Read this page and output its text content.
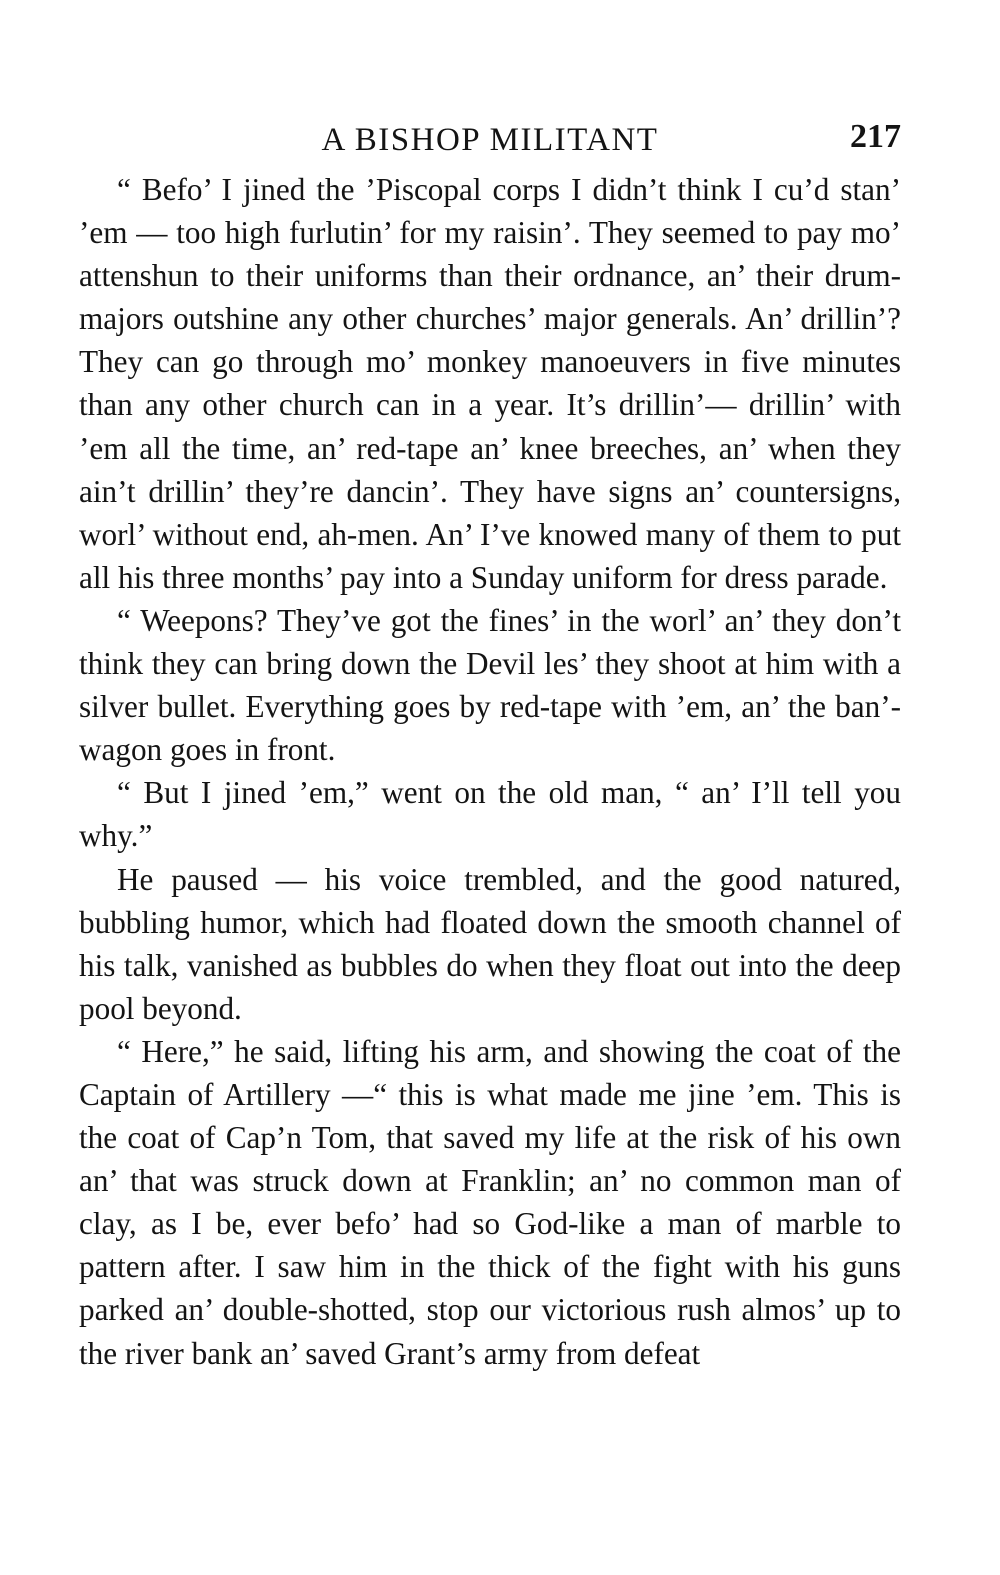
A BISHOP MILITANT	217

“ Befo’ I jined the ’Piscopal corps I didn’t think I cu’d stan’ ’em — too high furlutin’ for my raisin’. They seemed to pay mo’ attenshun to their uniforms than their ordnance, an’ their drum-majors outshine any other churches’ major generals. An’ drillin’? They can go through mo’ monkey manoeuvers in five minutes than any other church can in a year. It’s drillin’— drillin’ with ’em all the time, an’ red-tape an’ knee breeches, an’ when they ain’t drillin’ they’re dancin’. They have signs an’ countersigns, worl’ without end, ah-men. An’ I’ve knowed many of them to put all his three months’ pay into a Sunday uniform for dress parade.

“ Weepons? They’ve got the fines’ in the worl’ an’ they don’t think they can bring down the Devil les’ they shoot at him with a silver bullet. Everything goes by red-tape with ’em, an’ the ban’-wagon goes in front.

“ But I jined ’em,” went on the old man, “ an’ I’ll tell you why.”

He paused — his voice trembled, and the good natured, bubbling humor, which had floated down the smooth channel of his talk, vanished as bubbles do when they float out into the deep pool beyond.

“ Here,” he said, lifting his arm, and showing the coat of the Captain of Artillery —“ this is what made me jine ’em. This is the coat of Cap’n Tom, that saved my life at the risk of his own an’ that was struck down at Franklin; an’ no common man of clay, as I be, ever befo’ had so God-like a man of marble to pattern after. I saw him in the thick of the fight with his guns parked an’ double-shotted, stop our victorious rush almos’ up to the river bank an’ saved Grant’s army from defeat
